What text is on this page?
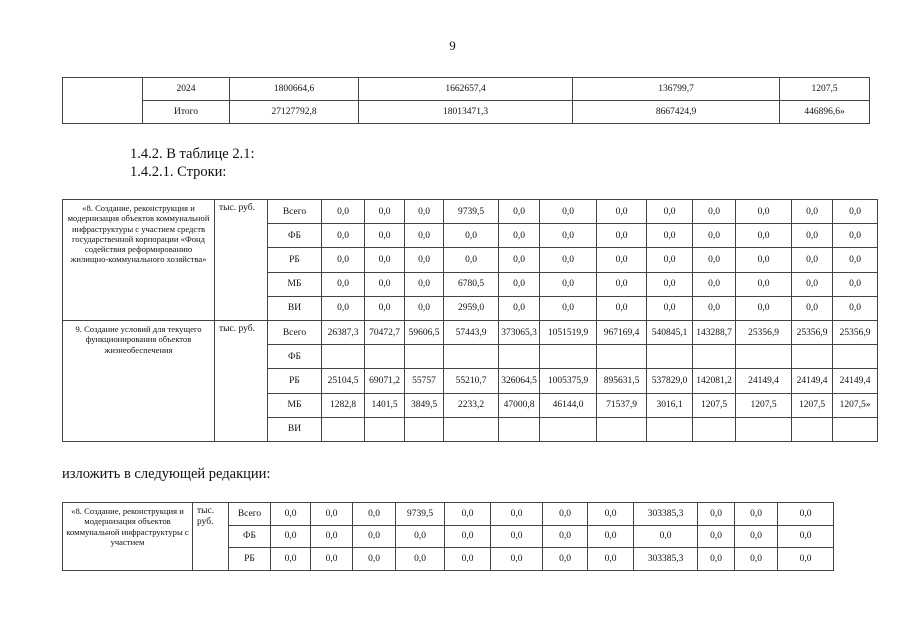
9
	2024	1800664,6	1662657,4	136799,7	1207,5
	Итого	27127792,8	18013471,3	8667424,9	446896,6»
1.4.2. В таблице 2.1:
1.4.2.1. Строки:
«8. Создание, реконструкция и модернизация объектов коммунальной инфраструктуры с участием средств государственной корпорации «Фонд содействия реформированию жилищно-коммунального хозяйства»	тыс. руб.	Всего	0,0	0,0	0,0	9739,5	0,0	0,0	0,0	0,0	0,0	0,0	0,0	0,0
		ФБ	0,0	0,0	0,0	0,0	0,0	0,0	0,0	0,0	0,0	0,0	0,0	0,0
		РБ	0,0	0,0	0,0	0,0	0,0	0,0	0,0	0,0	0,0	0,0	0,0	0,0
		МБ	0,0	0,0	0,0	6780,5	0,0	0,0	0,0	0,0	0,0	0,0	0,0	0,0
		ВИ	0,0	0,0	0,0	2959,0	0,0	0,0	0,0	0,0	0,0	0,0	0,0	0,0
9. Создание условий для текущего функционирования объектов жизнеобеспечения	тыс. руб.	Всего	26387,3	70472,7	59606,5	57443,9	373065,3	1051519,9	967169,4	540845,1	143288,7	25356,9	25356,9	25356,9
		ФБ												
		РБ	25104,5	69071,2	55757	55210,7	326064,5	1005375,9	895631,5	537829,0	142081,2	24149,4	24149,4	24149,4
		МБ	1282,8	1401,5	3849,5	2233,2	47000,8	46144,0	71537,9	3016,1	1207,5	1207,5	1207,5	1207,5»
		ВИ												
изложить в следующей редакции:
«8. Создание, реконструкция и модернизация объектов коммунальной инфраструктуры с участием	тыс. руб.	Всего	0,0	0,0	0,0	9739,5	0,0	0,0	0,0	0,0	303385,3	0,0	0,0	0,0
		ФБ	0,0	0,0	0,0	0,0	0,0	0,0	0,0	0,0	0,0	0,0	0,0	0,0
		РБ	0,0	0,0	0,0	0,0	0,0	0,0	0,0	0,0	303385,3	0,0	0,0	0,0
